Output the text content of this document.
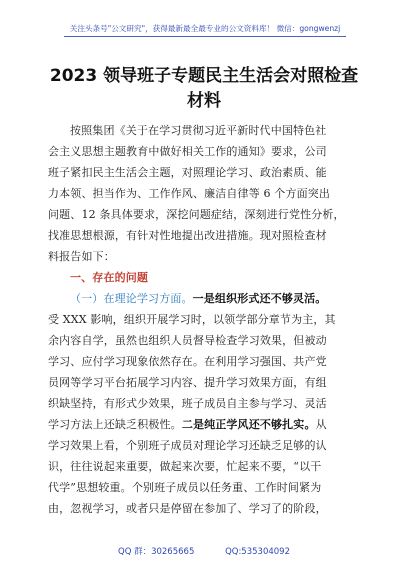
关注头条号"公文研究"，获得最新最全最专业的公文资料库！ 微信：gongwenzj
2023 领导班子专题民主生活会对照检查
材料
按照集团《关于在学习贯彻习近平新时代中国特色社
会主义思想主题教育中做好相关工作的通知》要求，公司
班子紧扣民主生活会主题，对照理论学习、政治素质、能
力本领、担当作为、工作作风、廉洁自律等 6 个方面突出
问题、12 条具体要求，深挖问题症结，深刻进行党性分析，
找准思想根源，有针对性地提出改进措施。现对照检查材
料报告如下：
一、存在的问题
（一）在理论学习方面。一是组织形式还不够灵活。
受 XXX 影响，组织开展学习时，以领学部分章节为主，其
余内容自学，虽然也组织人员督导检查学习效果，但被动
学习、应付学习现象依然存在。在利用学习强国、共产党
员网等学习平台拓展学习内容、提升学习效果方面，有组
织缺坚持，有形式少效果，班子成员自主参与学习、灵活
学习方法上还缺乏积极性。二是纯正学风还不够扎实。从
学习效果上看，个别班子成员对理论学习还缺乏足够的认
识，往往说起来重要，做起来次要，忙起来不要，“以干
代学”思想较重。个别班子成员以任务重、工作时间紧为
由，忽视学习，或者只是停留在参加了、学习了的阶段，
QQ 群：30265665	QQ:535304092
